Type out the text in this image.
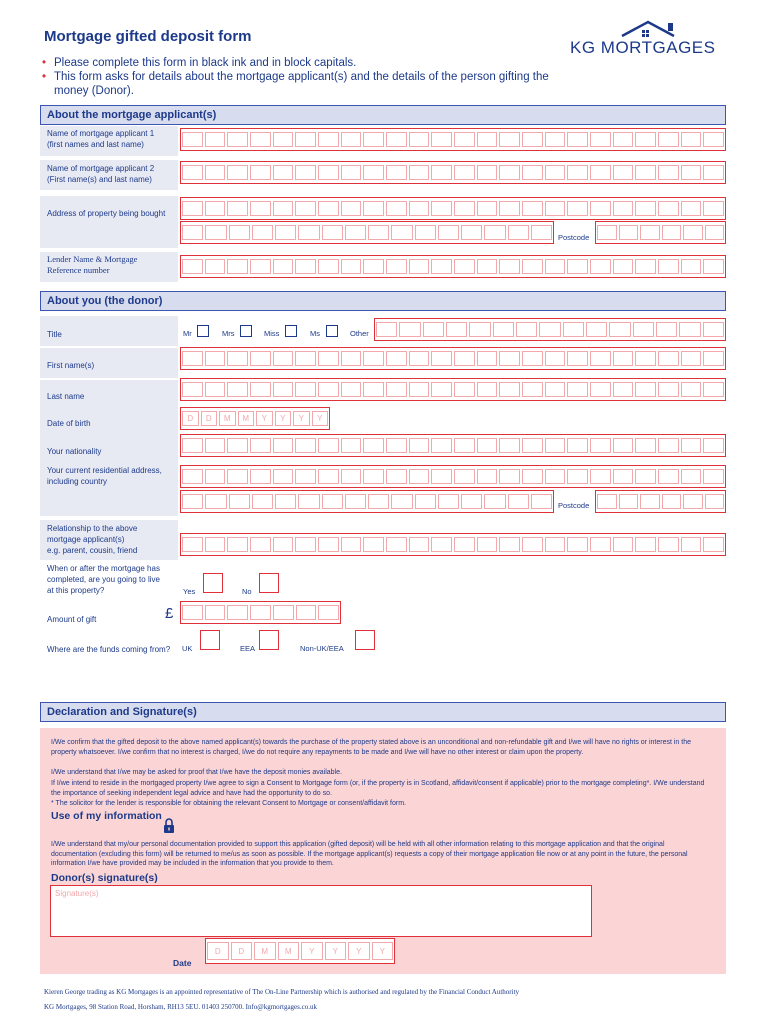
Mortgage gifted deposit form
KG MORTGAGES
• Please complete this form in black ink and in block capitals.
• This form asks for details about the mortgage applicant(s) and the details of the person gifting the money (Donor).
About the mortgage applicant(s)
Name of mortgage applicant 1
(first names and last name)
Name of mortgage applicant 2
(First name(s) and last name)
Address of property being bought
Postcode
Lender Name & Mortgage
Reference number
About you (the donor)
Title	Mr	Mrs	Miss	Ms	Other
First name(s)
Last name
Date of birth
D	D	M	M	Y	Y	Y	Y
Your nationality
Your current residential address,
including country
Postcode
Relationship to the above
mortgage applicant(s)
e.g. parent, cousin, friend
When or after the mortgage has
completed, are you going to live
at this property?	Yes	No
Amount of gift	£
Where are the funds coming from?	UK	EEA	Non-UK/EEA
Declaration and Signature(s)
I/We confirm that the gifted deposit to the above named applicant(s) towards the purchase of the property stated above is an unconditional and non-refundable gift and I/we will have no rights or interest in the property whatsoever. I/we confirm that no interest is charged, I/we do not require any repayments to be made and I/we will have no other interest or claim upon the property.
I/We understand that I/we may be asked for proof that I/we have the deposit monies available.
If I/we intend to reside in the mortgaged property I/we agree to sign a Consent to Mortgage form (or, if the property is in Scotland, affidavit/consent if applicable) prior to the mortgage completing*. I/We understand the importance of seeking independent legal advice and have had the opportunity to do so.
* The solicitor for the lender is responsible for obtaining the relevant Consent to Mortgage or consent/affidavit form.
Use of my information
I/We understand that my/our personal documentation provided to support this application (gifted deposit) will be held with all other information relating to this mortgage application and that the original documentation (excluding this form) will be returned to me/us as soon as possible. If the mortgage applicant(s) requests a copy of their mortgage application file now or at any point in the future, the personal information I/we have provided may be included in the information that you provide to them.
Donor(s) signature(s)
Signature(s)
Date
D	D	M	M	Y	Y	Y	Y
Kieren George trading as KG Mortgages is an appointed representative of The On-Line Partnership which is authorised and regulated by the Financial Conduct Authority
KG Mortgages, 98 Station Road, Horsham, RH13 5EU. 01403 250700. Info@kgmortgages.co.uk
